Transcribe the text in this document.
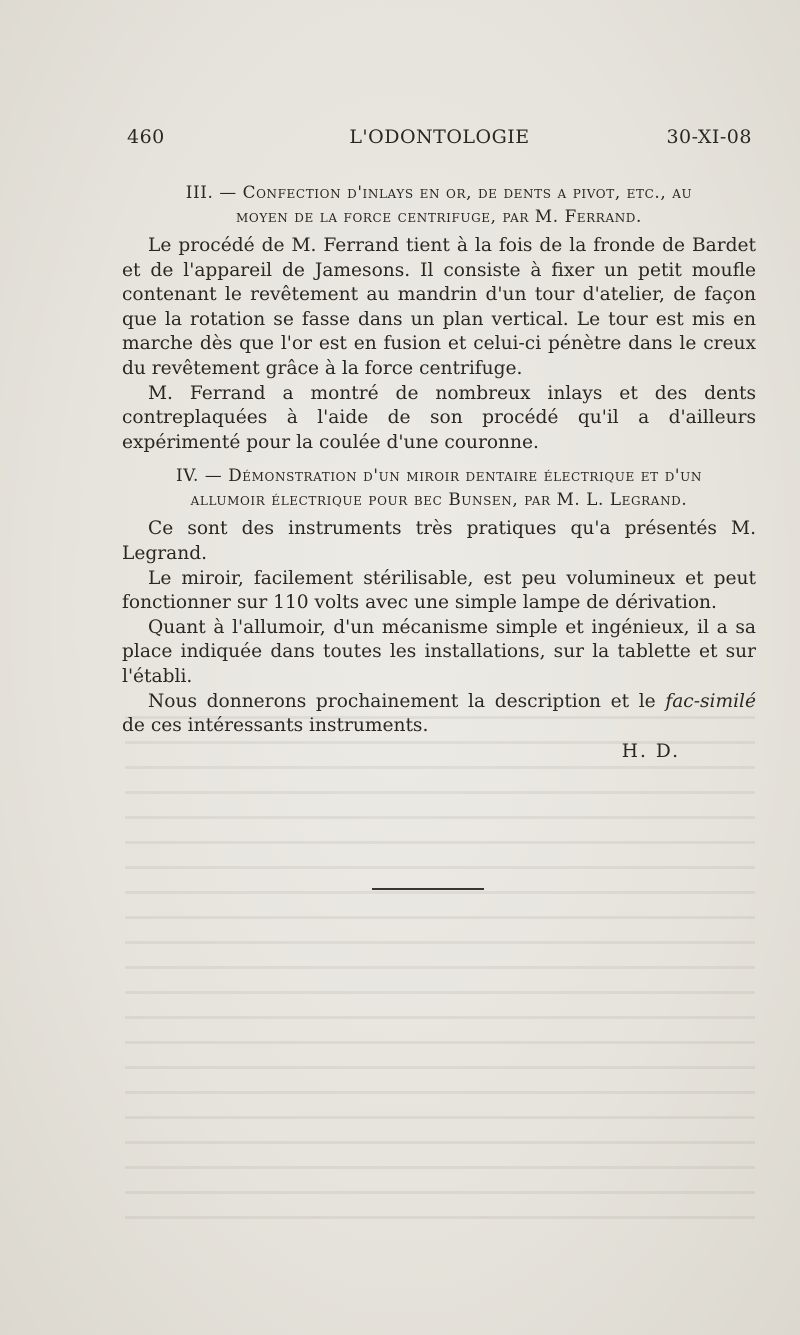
460	L'ODONTOLOGIE	30-XI-08
III. — Confection d'inlays en or, de dents a pivot, etc., au
moyen de la force centrifuge, par M. Ferrand.

Le procédé de M. Ferrand tient à la fois de la fronde de Bardet et de l'appareil de Jamesons. Il consiste à fixer un petit moufle contenant le revêtement au mandrin d'un tour d'atelier, de façon que la rotation se fasse dans un plan vertical. Le tour est mis en marche dès que l'or est en fusion et celui-ci pénètre dans le creux du revêtement grâce à la force centrifuge.

M. Ferrand a montré de nombreux inlays et des dents contreplaquées à l'aide de son procédé qu'il a d'ailleurs expérimenté pour la coulée d'une couronne.

IV. — Démonstration d'un miroir dentaire électrique et d'un
allumoir électrique pour bec Bunsen, par M. L. Legrand.

Ce sont des instruments très pratiques qu'a présentés M. Legrand.

Le miroir, facilement stérilisable, est peu volumineux et peut fonctionner sur 110 volts avec une simple lampe de dérivation.

Quant à l'allumoir, d'un mécanisme simple et ingénieux, il a sa place indiquée dans toutes les installations, sur la tablette et sur l'établi.

Nous donnerons prochainement la description et le fac-similé de ces intéressants instruments.

H. D.
